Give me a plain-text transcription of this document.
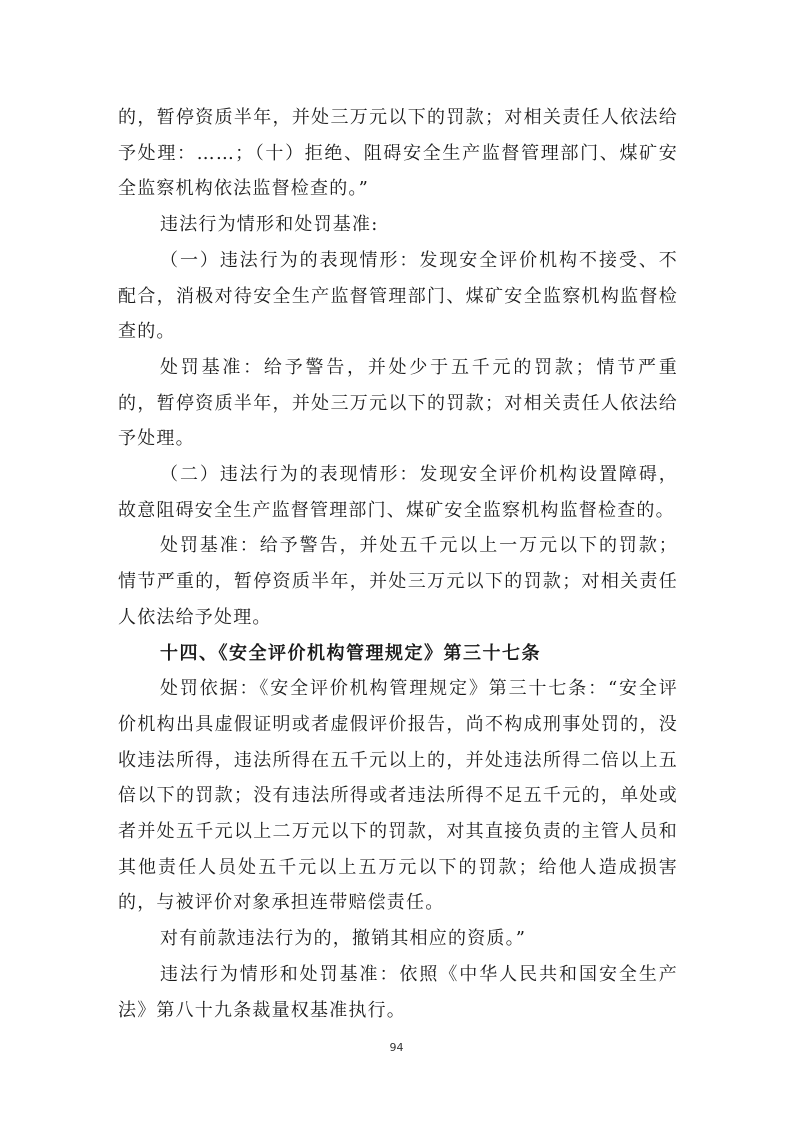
的，暂停资质半年，并处三万元以下的罚款；对相关责任人依法给予处理：……；（十）拒绝、阻碍安全生产监督管理部门、煤矿安全监察机构依法监督检查的。”

违法行为情形和处罚基准:

（一）违法行为的表现情形：发现安全评价机构不接受、不配合，消极对待安全生产监督管理部门、煤矿安全监察机构监督检查的。

处罚基准：给予警告，并处少于五千元的罚款；情节严重的，暂停资质半年，并处三万元以下的罚款；对相关责任人依法给予处理。

（二）违法行为的表现情形：发现安全评价机构设置障碍，故意阻碍安全生产监督管理部门、煤矿安全监察机构监督检查的。

处罚基准：给予警告，并处五千元以上一万元以下的罚款；情节严重的，暂停资质半年，并处三万元以下的罚款；对相关责任人依法给予处理。

十四、《安全评价机构管理规定》第三十七条

处罚依据：《安全评价机构管理规定》第三十七条：“安全评价机构出具虚假证明或者虚假评价报告，尚不构成刑事处罚的，没收违法所得，违法所得在五千元以上的，并处违法所得二倍以上五倍以下的罚款；没有违法所得或者违法所得不足五千元的，单处或者并处五千元以上二万元以下的罚款，对其直接负责的主管人员和其他责任人员处五千元以上五万元以下的罚款；给他人造成损害的，与被评价对象承担连带赔偿责任。

对有前款违法行为的，撤销其相应的资质。”

违法行为情形和处罚基准：依照《中华人民共和国安全生产法》第八十九条裁量权基准执行。

94
